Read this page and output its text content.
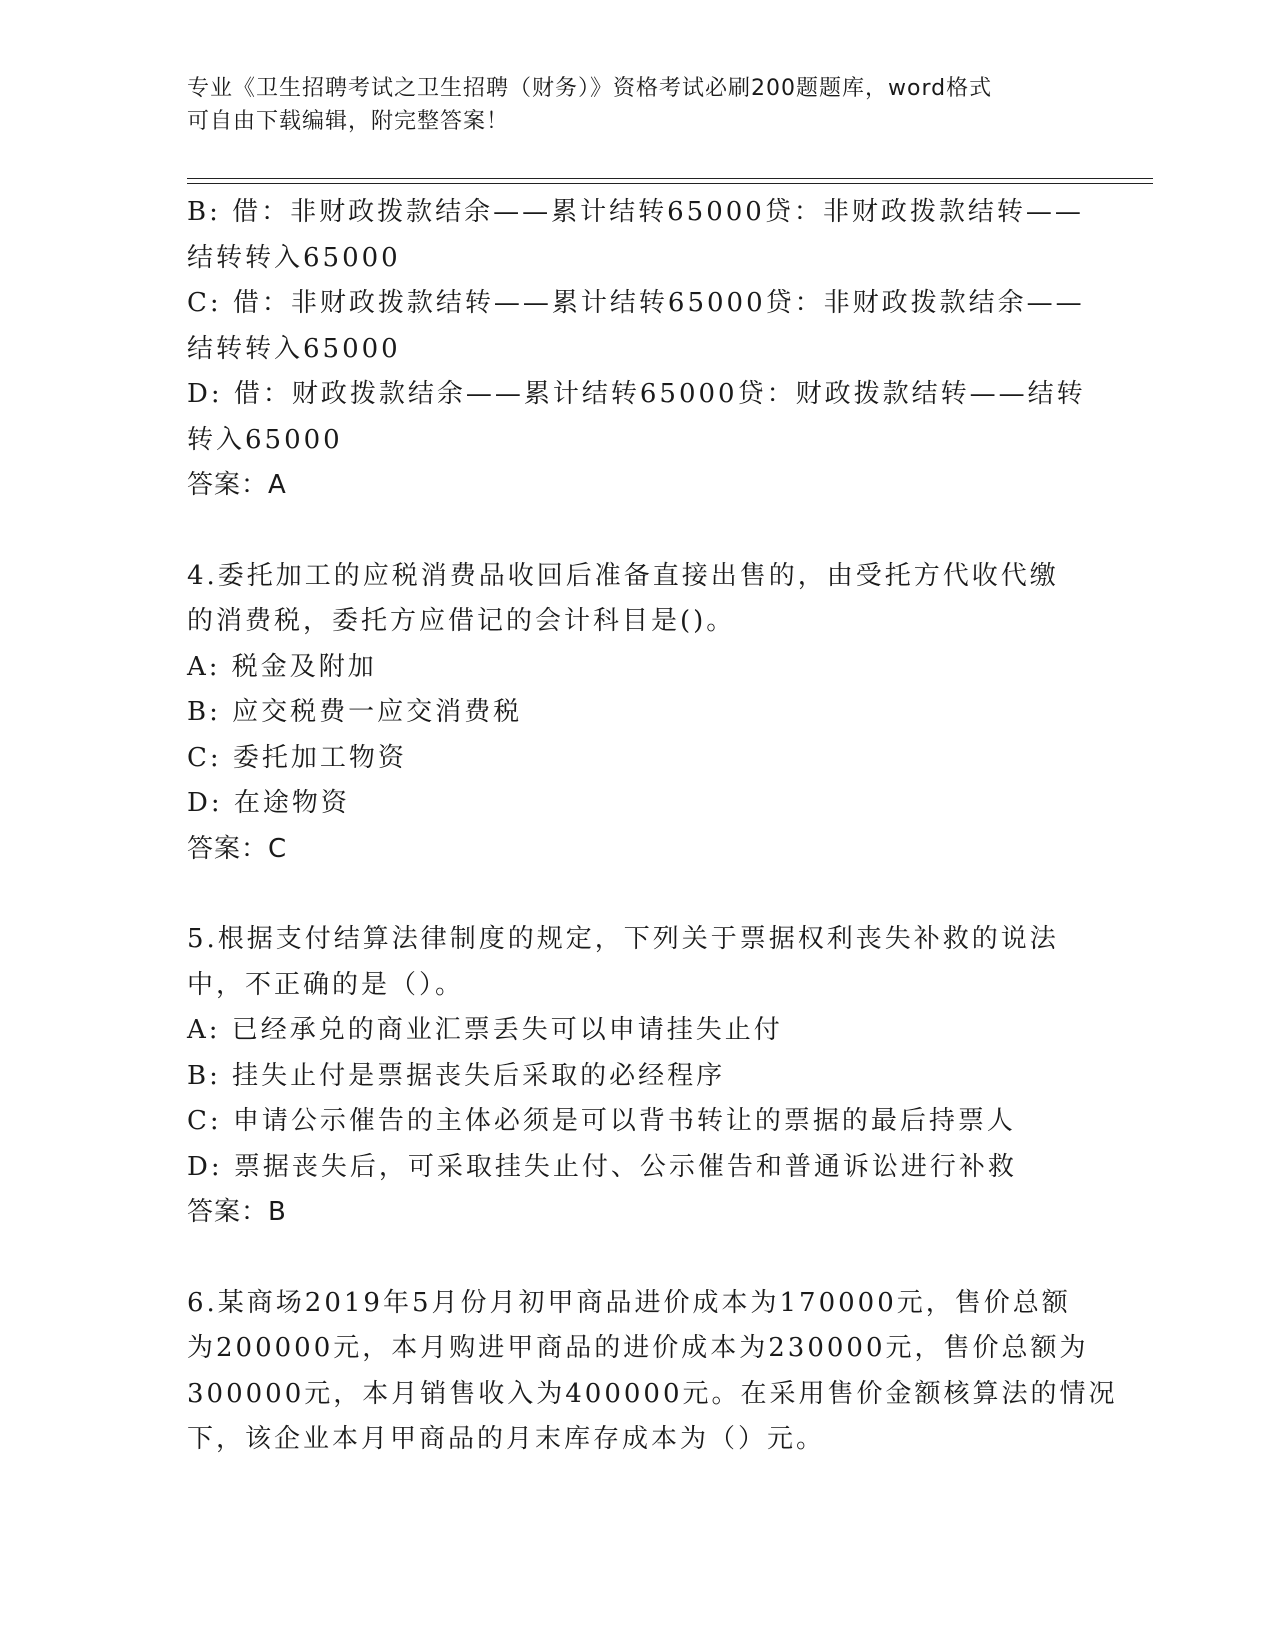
专业《卫生招聘考试之卫生招聘（财务）》资格考试必刷200题题库，word格式
可自由下载编辑，附完整答案！
B: 借：非财政拨款结余——累计结转65000贷：非财政拨款结转——
结转转入65000
C: 借：非财政拨款结转——累计结转65000贷：非财政拨款结余——
结转转入65000
D: 借：财政拨款结余——累计结转65000贷：财政拨款结转——结转
转入65000
答案：A
4.委托加工的应税消费品收回后准备直接出售的，由受托方代收代缴
的消费税，委托方应借记的会计科目是()。
A: 税金及附加
B: 应交税费一应交消费税
C: 委托加工物资
D: 在途物资
答案：C
5.根据支付结算法律制度的规定，下列关于票据权利丧失补救的说法
中，不正确的是（）。
A: 已经承兑的商业汇票丢失可以申请挂失止付
B: 挂失止付是票据丧失后采取的必经程序
C: 申请公示催告的主体必须是可以背书转让的票据的最后持票人
D: 票据丧失后，可采取挂失止付、公示催告和普通诉讼进行补救
答案：B
6.某商场2019年5月份月初甲商品进价成本为170000元，售价总额
为200000元，本月购进甲商品的进价成本为230000元，售价总额为
300000元，本月销售收入为400000元。在采用售价金额核算法的情况
下，该企业本月甲商品的月末库存成本为（）元。
